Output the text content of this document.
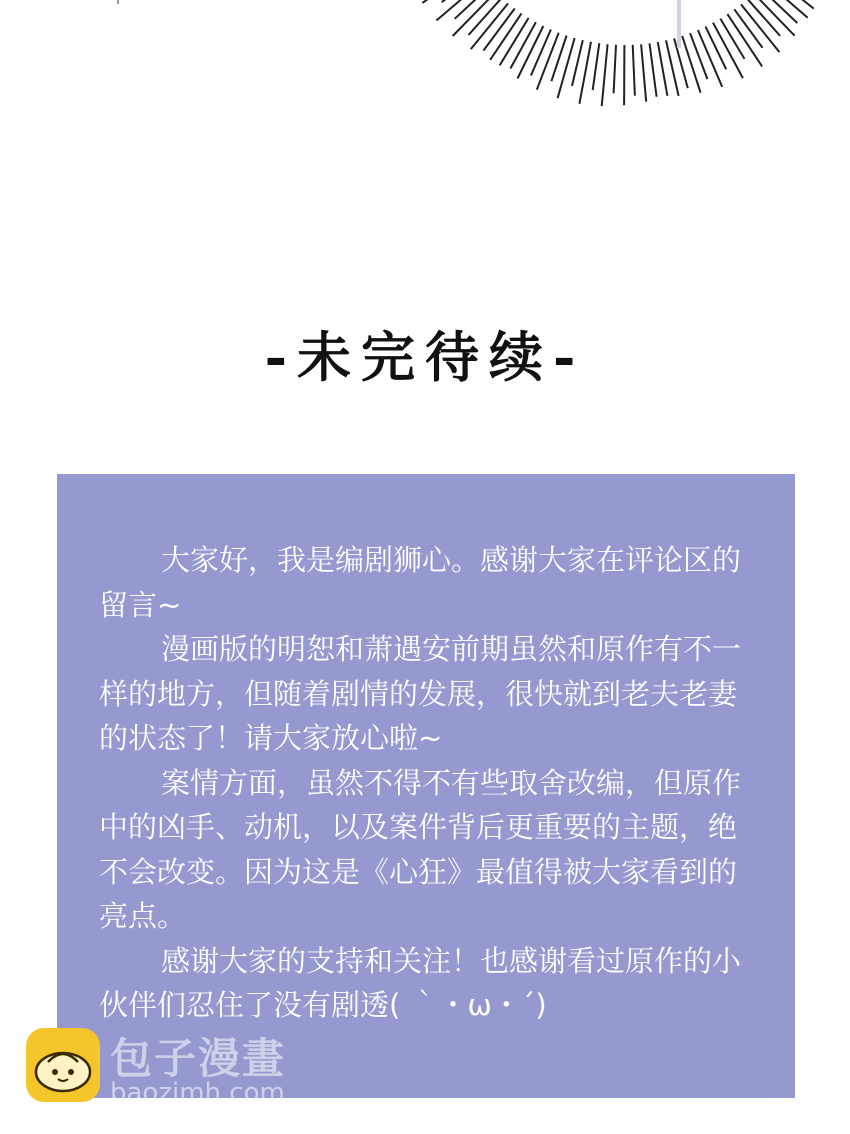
-未完待续-

大家好，我是编剧狮心。感谢大家在评论区的留言~

漫画版的明恕和萧遇安前期虽然和原作有不一样的地方，但随着剧情的发展，很快就到老夫老妻的状态了！请大家放心啦~

案情方面，虽然不得不有些取舍改编，但原作中的凶手、动机，以及案件背后更重要的主题，绝不会改变。因为这是《心狂》最值得被大家看到的亮点。

感谢大家的支持和关注！也感谢看过原作的小伙伴们忍住了没有剧透( ｀・ω・´)

包子漫畫
baozimh.com
